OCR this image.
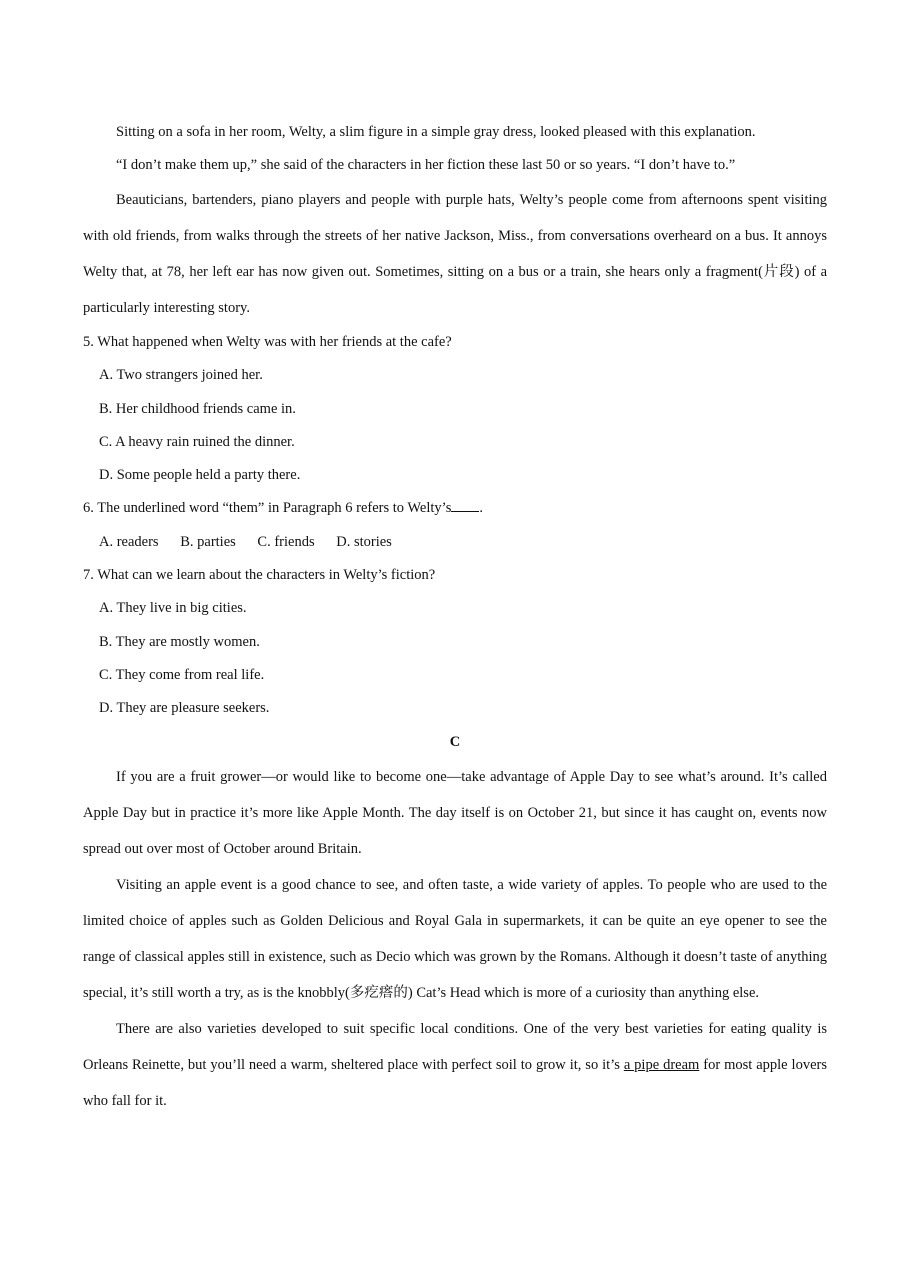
Sitting on a sofa in her room, Welty, a slim figure in a simple gray dress, looked pleased with this explanation.

“I don’t make them up,” she said of the characters in her fiction these last 50 or so years. “I don’t have to.”

Beauticians, bartenders, piano players and people with purple hats, Welty’s people come from afternoons spent visiting with old friends, from walks through the streets of her native Jackson, Miss., from conversations overheard on a bus. It annoys Welty that, at 78, her left ear has now given out. Sometimes, sitting on a bus or a train, she hears only a fragment(片段) of a particularly interesting story.

5. What happened when Welty was with her friends at the cafe?

A. Two strangers joined her.

B. Her childhood friends came in.

C. A heavy rain ruined the dinner.

D. Some people held a party there.

6. The underlined word “them” in Paragraph 6 refers to Welty’s .

A. readers B. parties C. friends D. stories

7. What can we learn about the characters in Welty’s fiction?

A. They live in big cities.

B. They are mostly women.

C. They come from real life.

D. They are pleasure seekers.

C

If you are a fruit grower—or would like to become one—take advantage of Apple Day to see what’s around. It’s called Apple Day but in practice it’s more like Apple Month. The day itself is on October 21, but since it has caught on, events now spread out over most of October around Britain.

Visiting an apple event is a good chance to see, and often taste, a wide variety of apples. To people who are used to the limited choice of apples such as Golden Delicious and Royal Gala in supermarkets, it can be quite an eye opener to see the range of classical apples still in existence, such as Decio which was grown by the Romans. Although it doesn’t taste of anything special, it’s still worth a try, as is the knobbly(多疙瘩的) Cat’s Head which is more of a curiosity than anything else.

There are also varieties developed to suit specific local conditions. One of the very best varieties for eating quality is Orleans Reinette, but you’ll need a warm, sheltered place with perfect soil to grow it, so it’s a pipe dream for most apple lovers who fall for it.
